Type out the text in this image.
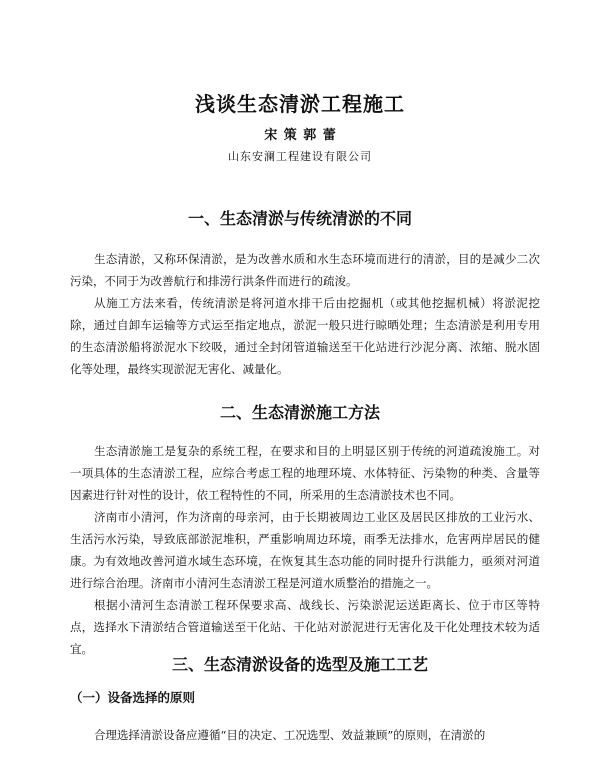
浅谈生态清淤工程施工
宋 策 郭 蕾
山东安澜工程建设有限公司
一、生态清淤与传统清淤的不同
生态清淤，又称环保清淤，是为改善水质和水生态环境而进行的清淤，目的是减少二次污染，不同于为改善航行和排涝行洪条件而进行的疏浚。
从施工方法来看，传统清淤是将河道水排干后由挖掘机（或其他挖掘机械）将淤泥挖除，通过自卸车运输等方式运至指定地点，淤泥一般只进行晾晒处理；生态清淤是利用专用的生态清淤船将淤泥水下绞吸，通过全封闭管道输送至干化站进行沙泥分离、浓缩、脱水固化等处理，最终实现淤泥无害化、减量化。
二、生态清淤施工方法
生态清淤施工是复杂的系统工程，在要求和目的上明显区别于传统的河道疏浚施工。对一项具体的生态清淤工程，应综合考虑工程的地理环境、水体特征、污染物的种类、含量等因素进行针对性的设计，依工程特性的不同，所采用的生态清淤技术也不同。
济南市小清河，作为济南的母亲河，由于长期被周边工业区及居民区排放的工业污水、生活污水污染，导致底部淤泥堆积，严重影响周边环境，雨季无法排水，危害两岸居民的健康。为有效地改善河道水域生态环境，在恢复其生态功能的同时提升行洪能力，亟须对河道进行综合治理。济南市小清河生态清淤工程是河道水质整治的措施之一。
根据小清河生态清淤工程环保要求高、战线长、污染淤泥运送距离长、位于市区等特点，选择水下清淤结合管道输送至干化站、干化站对淤泥进行无害化及干化处理技术较为适宜。
三、生态清淤设备的选型及施工工艺
（一）设备选择的原则
合理选择清淤设备应遵循“目的决定、工况选型、效益兼顾”的原则，在清淤的
